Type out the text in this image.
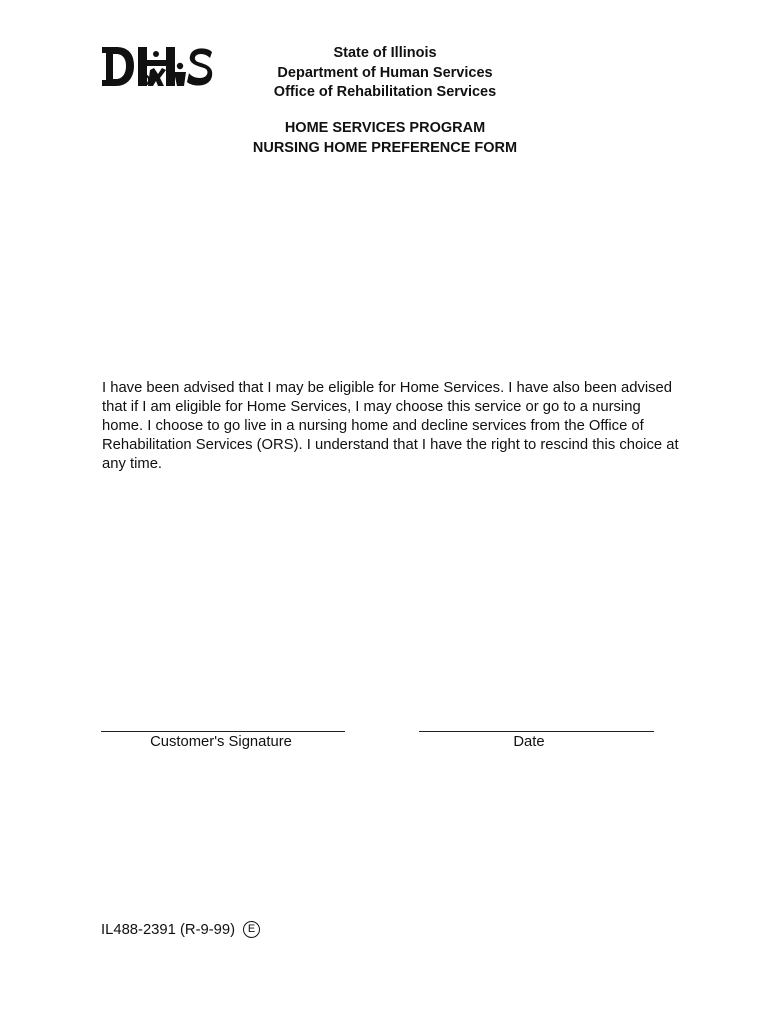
State of Illinois
Department of Human Services
Office of Rehabilitation Services
HOME SERVICES PROGRAM
NURSING HOME PREFERENCE FORM

I have been advised that I may be eligible for Home Services. I have also been advised that if I am eligible for Home Services, I may choose this service or go to a nursing home. I choose to go live in a nursing home and decline services from the Office of Rehabilitation Services (ORS). I understand that I have the right to rescind this choice at any time.

Customer's Signature	Date
IL488-2391 (R-9-99)	E
